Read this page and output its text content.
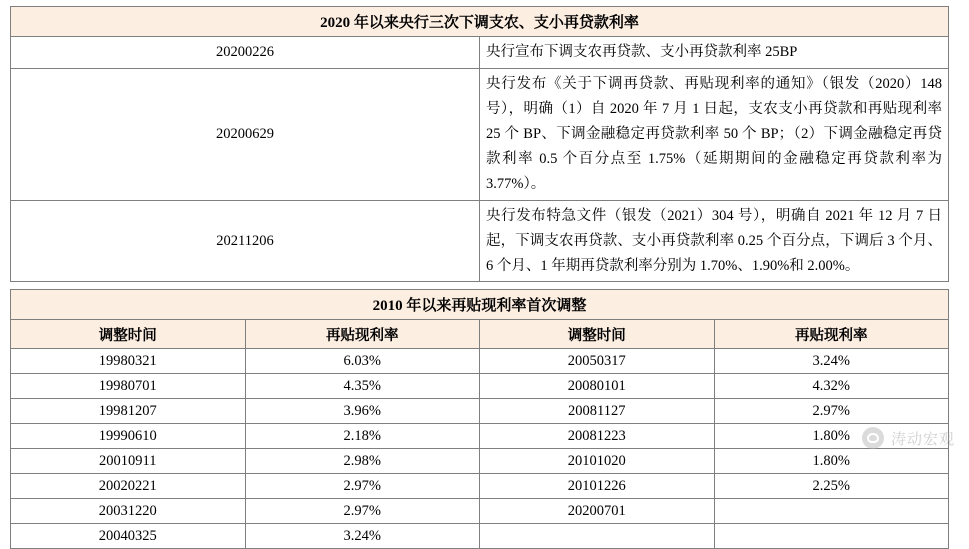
2020 年以来央行三次下调支农、支小再贷款利率	
20200226	央行宣布下调支农再贷款、支小再贷款利率 25BP
20200629	央行发布《关于下调再贷款、再贴现利率的通知》（银发（2020）148 号），明确（1）自 2020 年 7 月 1 日起，支农支小再贷款和再贴现利率 25 个 BP、下调金融稳定再贷款利率 50 个 BP；（2）下调金融稳定再贷款利率 0.5 个百分点至 1.75%（延期期间的金融稳定再贷款利率为 3.77%）。
20211206	央行发布特急文件（银发（2021）304 号），明确自 2021 年 12 月 7 日起，下调支农再贷款、支小再贷款利率 0.25 个百分点，下调后 3 个月、6 个月、1 年期再贷款利率分别为 1.70%、1.90%和 2.00%。
2010 年以来再贴现利率首次调整			
调整时间	再贴现利率	调整时间	再贴现利率
19980321	6.03%	20050317	3.24%
19980701	4.35%	20080101	4.32%
19981207	3.96%	20081127	2.97%
19990610	2.18%	20081223	1.80%
20010911	2.98%	20101020	1.80%
20020221	2.97%	20101226	2.25%
20031220	2.97%	20200701	
20040325	3.24%		
涛动宏观
